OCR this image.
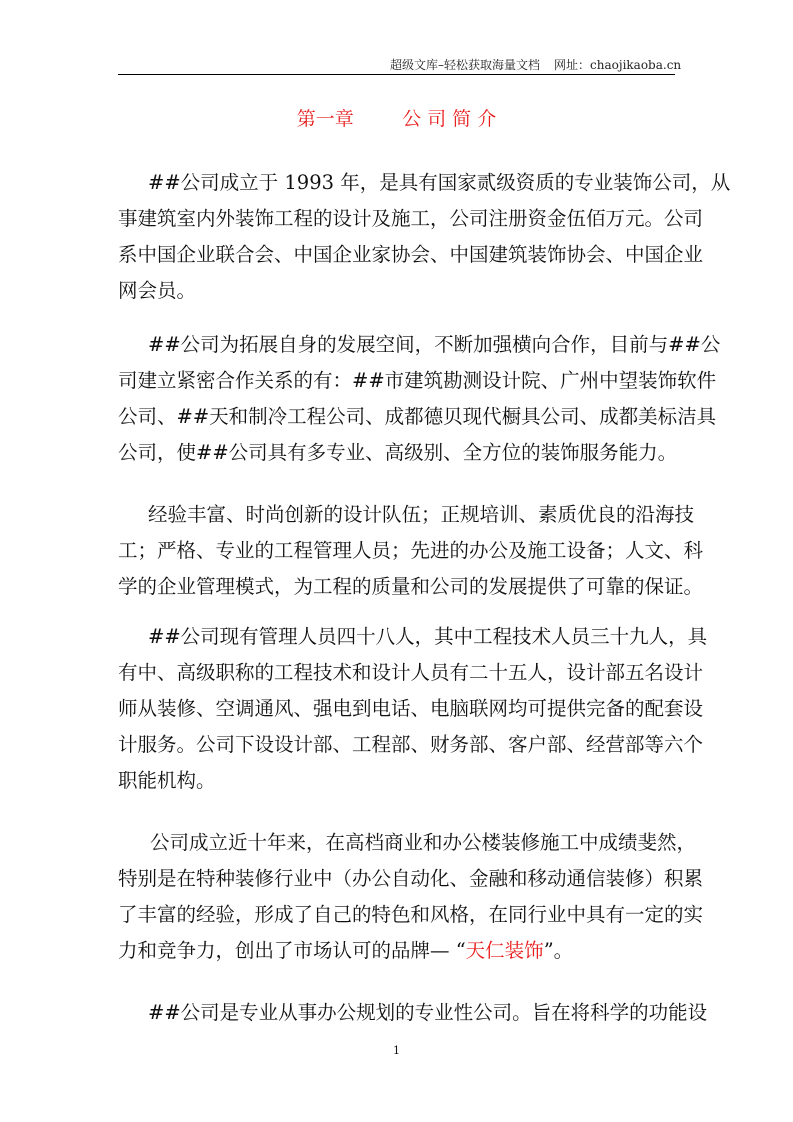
超级文库–轻松获取海量文档 网址：chaojikaoba.cn
第一章        公 司 简 介
##公司成立于 1993 年，是具有国家贰级资质的专业装饰公司，从
事建筑室内外装饰工程的设计及施工，公司注册资金伍佰万元。公司
系中国企业联合会、中国企业家协会、中国建筑装饰协会、中国企业
网会员。
##公司为拓展自身的发展空间，不断加强横向合作，目前与##公
司建立紧密合作关系的有：##市建筑勘测设计院、广州中望装饰软件
公司、##天和制冷工程公司、成都德贝现代橱具公司、成都美标洁具
公司，使##公司具有多专业、高级别、全方位的装饰服务能力。
经验丰富、时尚创新的设计队伍；正规培训、素质优良的沿海技
工；严格、专业的工程管理人员；先进的办公及施工设备；人文、科
学的企业管理模式，为工程的质量和公司的发展提供了可靠的保证。
##公司现有管理人员四十八人，其中工程技术人员三十九人，具
有中、高级职称的工程技术和设计人员有二十五人，设计部五名设计
师从装修、空调通风、强电到电话、电脑联网均可提供完备的配套设
计服务。公司下设设计部、工程部、财务部、客户部、经营部等六个
职能机构。
公司成立近十年来，在高档商业和办公楼装修施工中成绩斐然，
特别是在特种装修行业中（办公自动化、金融和移动通信装修）积累
了丰富的经验，形成了自己的特色和风格，在同行业中具有一定的实
力和竞争力，创出了市场认可的品牌— “天仁装饰”。
##公司是专业从事办公规划的专业性公司。旨在将科学的功能设
1
